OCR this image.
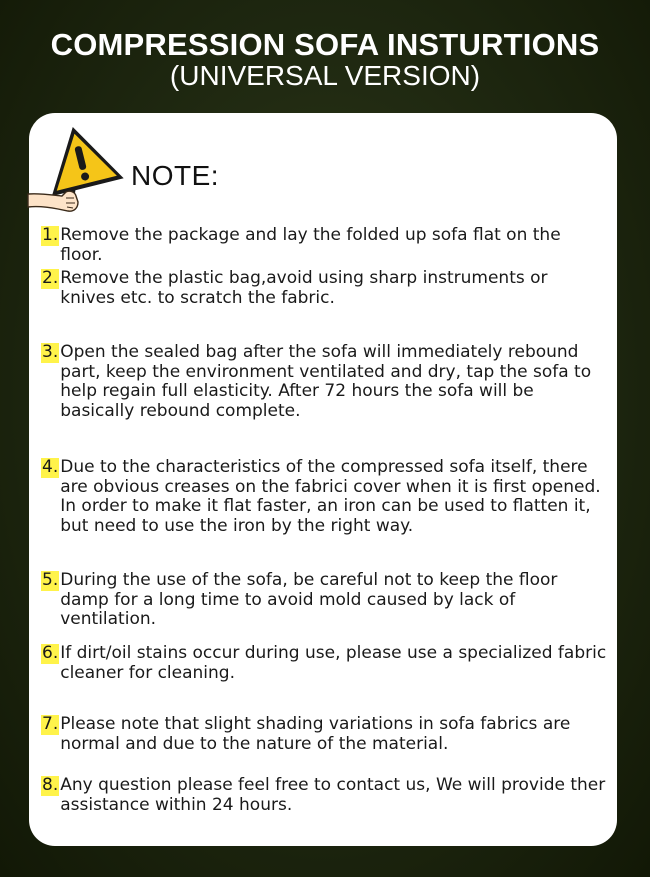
COMPRESSION SOFA INSTURTIONS
(UNIVERSAL VERSION)
NOTE:
1. Remove the package and lay the folded up sofa flat on the floor.
2. Remove the plastic bag,avoid using sharp instruments or knives etc. to scratch the fabric.
3. Open the sealed bag after the sofa will immediately rebound part, keep the environment ventilated and dry, tap the sofa to help regain full elasticity. After 72 hours the sofa will be basically rebound complete.
4. Due to the characteristics of the compressed sofa itself, there are obvious creases on the fabrici cover when it is first opened. In order to make it flat faster, an iron can be used to flatten it, but need to use the iron by the right way.
5. During the use of the sofa, be careful not to keep the floor damp for a long time to avoid mold caused by lack of ventilation.
6. If dirt/oil stains occur during use, please use a specialized fabric cleaner for cleaning.
7. Please note that slight shading variations in sofa fabrics are normal and due to the nature of the material.
8. Any question please feel free to contact us, We will provide ther assistance within 24 hours.
